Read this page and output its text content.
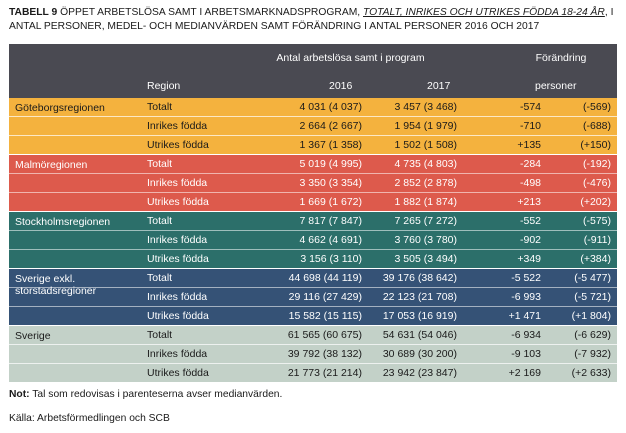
TABELL 9 ÖPPET ARBETSLÖSA SAMT I ARBETSMARKNADSPROGRAM, TOTALT, INRIKES OCH UTRIKES FÖDDA 18-24 ÅR, I ANTAL PERSONER, MEDEL- OCH MEDIANVÄRDEN SAMT FÖRÄNDRING I ANTAL PERSONER 2016 OCH 2017
Antal arbetslösa samt i program	Förändring
Region	2016	2017	personer
Göteborgsregionen	Totalt	4 031 (4 037)	3 457 (3 468)	-574	(-569)
Inrikes födda	2 664 (2 667)	1 954 (1 979)	-710	(-688)
Utrikes födda	1 367 (1 358)	1 502 (1 508)	+135	(+150)
Malmöregionen	Totalt	5 019 (4 995)	4 735 (4 803)	-284	(-192)
Inrikes födda	3 350 (3 354)	2 852 (2 878)	-498	(-476)
Utrikes födda	1 669 (1 672)	1 882 (1 874)	+213	(+202)
Stockholmsregionen	Totalt	7 817 (7 847)	7 265 (7 272)	-552	(-575)
Inrikes födda	4 662 (4 691)	3 760 (3 780)	-902	(-911)
Utrikes födda	3 156 (3 110)	3 505 (3 494)	+349	(+384)
Sverige exkl. storstadsregioner
Totalt	44 698 (44 119) 39 176 (38 642)	-5 522	(-5 477)
Inrikes födda	29 116 (27 429) 22 123 (21 708)	-6 993	(-5 721)
Utrikes födda	15 582 (15 115) 17 053 (16 919)	+1 471	(+1 804)
Sverige	Totalt	61 565 (60 675) 54 631 (54 046)	-6 934	(-6 629)
Inrikes födda	39 792 (38 132) 30 689 (30 200)	-9 103	(-7 932)
Utrikes födda	21 773 (21 214) 23 942 (23 847)	+2 169	(+2 633)
Not: Tal som redovisas i parenteserna avser medianvärden.
Källa: Arbetsförmedlingen och SCB
